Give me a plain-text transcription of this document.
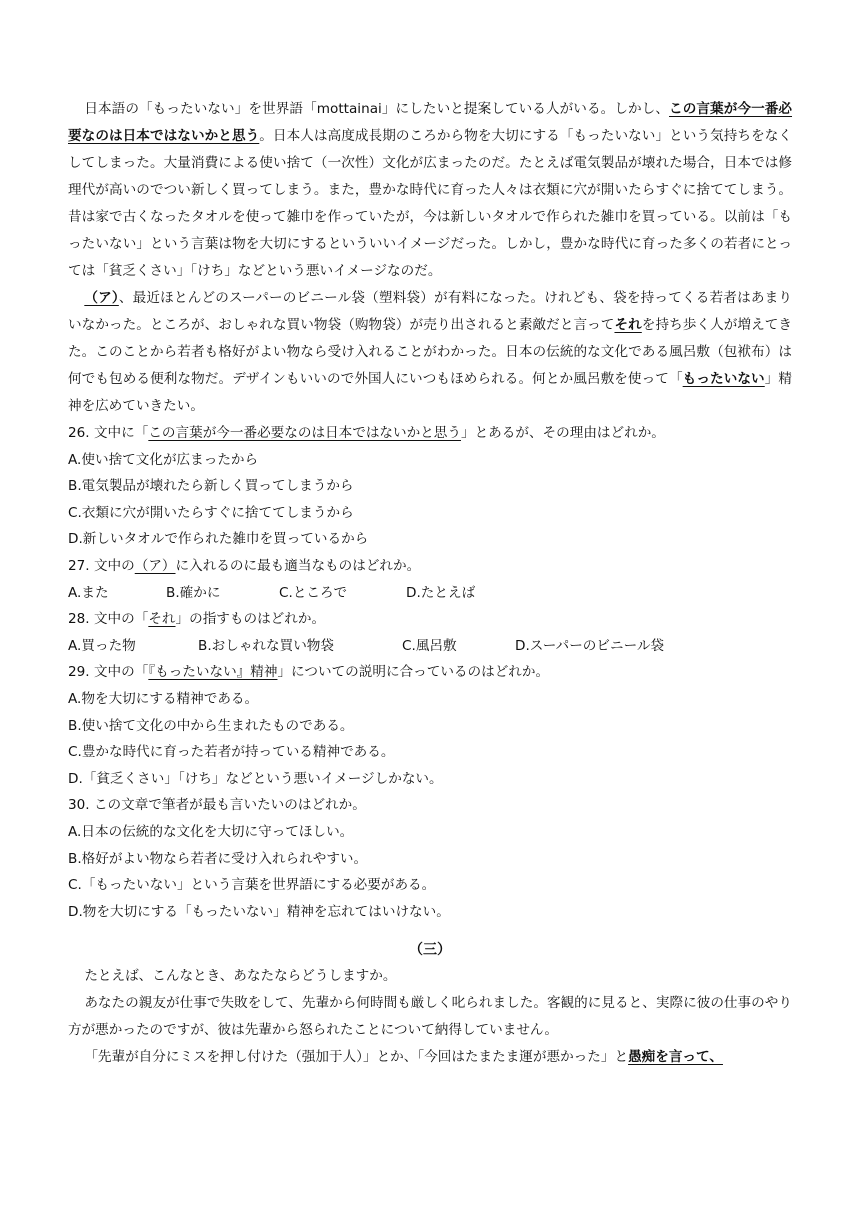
日本語の「もったいない」を世界語「mottainai」にしたいと提案している人がいる。しかし、この言葉が今一番必要なのは日本ではないかと思う。日本人は高度成長期のころから物を大切にする「もったいない」という気持ちをなくしてしまった。大量消費による使い捨て（一次性）文化が広まったのだ。たとえば電気製品が壊れた場合，日本では修理代が高いのでつい新しく買ってしまう。また，豊かな時代に育った人々は衣類に穴が開いたらすぐに捨ててしまう。昔は家で古くなったタオルを使って雑巾を作っていたが，今は新しいタオルで作られた雑巾を買っている。以前は「もったいない」という言葉は物を大切にするといういいイメージだった。しかし，豊かな時代に育った多くの若者にとっては「貧乏くさい」「けち」などという悪いイメージなのだ。

（ア）、最近ほとんどのスーパーのビニール袋（塑料袋）が有料になった。けれども、袋を持ってくる若者はあまりいなかった。ところが、おしゃれな買い物袋（购物袋）が売り出されると素敵だと言ってそれを持ち歩く人が増えてきた。このことから若者も格好がよい物なら受け入れることがわかった。日本の伝統的な文化である風呂敷（包袱布）は何でも包める便利な物だ。デザインもいいので外国人にいつもほめられる。何とか風呂敷を使って「もったいない」精神を広めていきたい。

26. 文中に「この言葉が今一番必要なのは日本ではないかと思う」とあるが、その理由はどれか。

A.使い捨て文化が広まったから

B.電気製品が壊れたら新しく買ってしまうから

C.衣類に穴が開いたらすぐに捨ててしまうから

D.新しいタオルで作られた雑巾を買っているから

27. 文中の（ア）に入れるのに最も適当なものはどれか。

A.また	B.確かに	C.ところで	D.たとえば

28. 文中の「それ」の指すものはどれか。

A.買った物	B.おしゃれな買い物袋	C.風呂敷	D.スーパーのビニール袋

29. 文中の「『もったいない』精神」についての説明に合っているのはどれか。

A.物を大切にする精神である。

B.使い捨て文化の中から生まれたものである。

C.豊かな時代に育った若者が持っている精神である。

D.「貧乏くさい」「けち」などという悪いイメージしかない。

30. この文章で筆者が最も言いたいのはどれか。

A.日本の伝統的な文化を大切に守ってほしい。

B.格好がよい物なら若者に受け入れられやすい。

C.「もったいない」という言葉を世界語にする必要がある。

D.物を大切にする「もったいない」精神を忘れてはいけない。

（三）

たとえば、こんなとき、あなたならどうしますか。

あなたの親友が仕事で失敗をして、先輩から何時間も厳しく叱られました。客観的に見ると、実際に彼の仕事のやり方が悪かったのですが、彼は先輩から怒られたことについて納得していません。

「先輩が自分にミスを押し付けた（强加于人）」とか、「今回はたまたま運が悪かった」と愚痴を言って、
